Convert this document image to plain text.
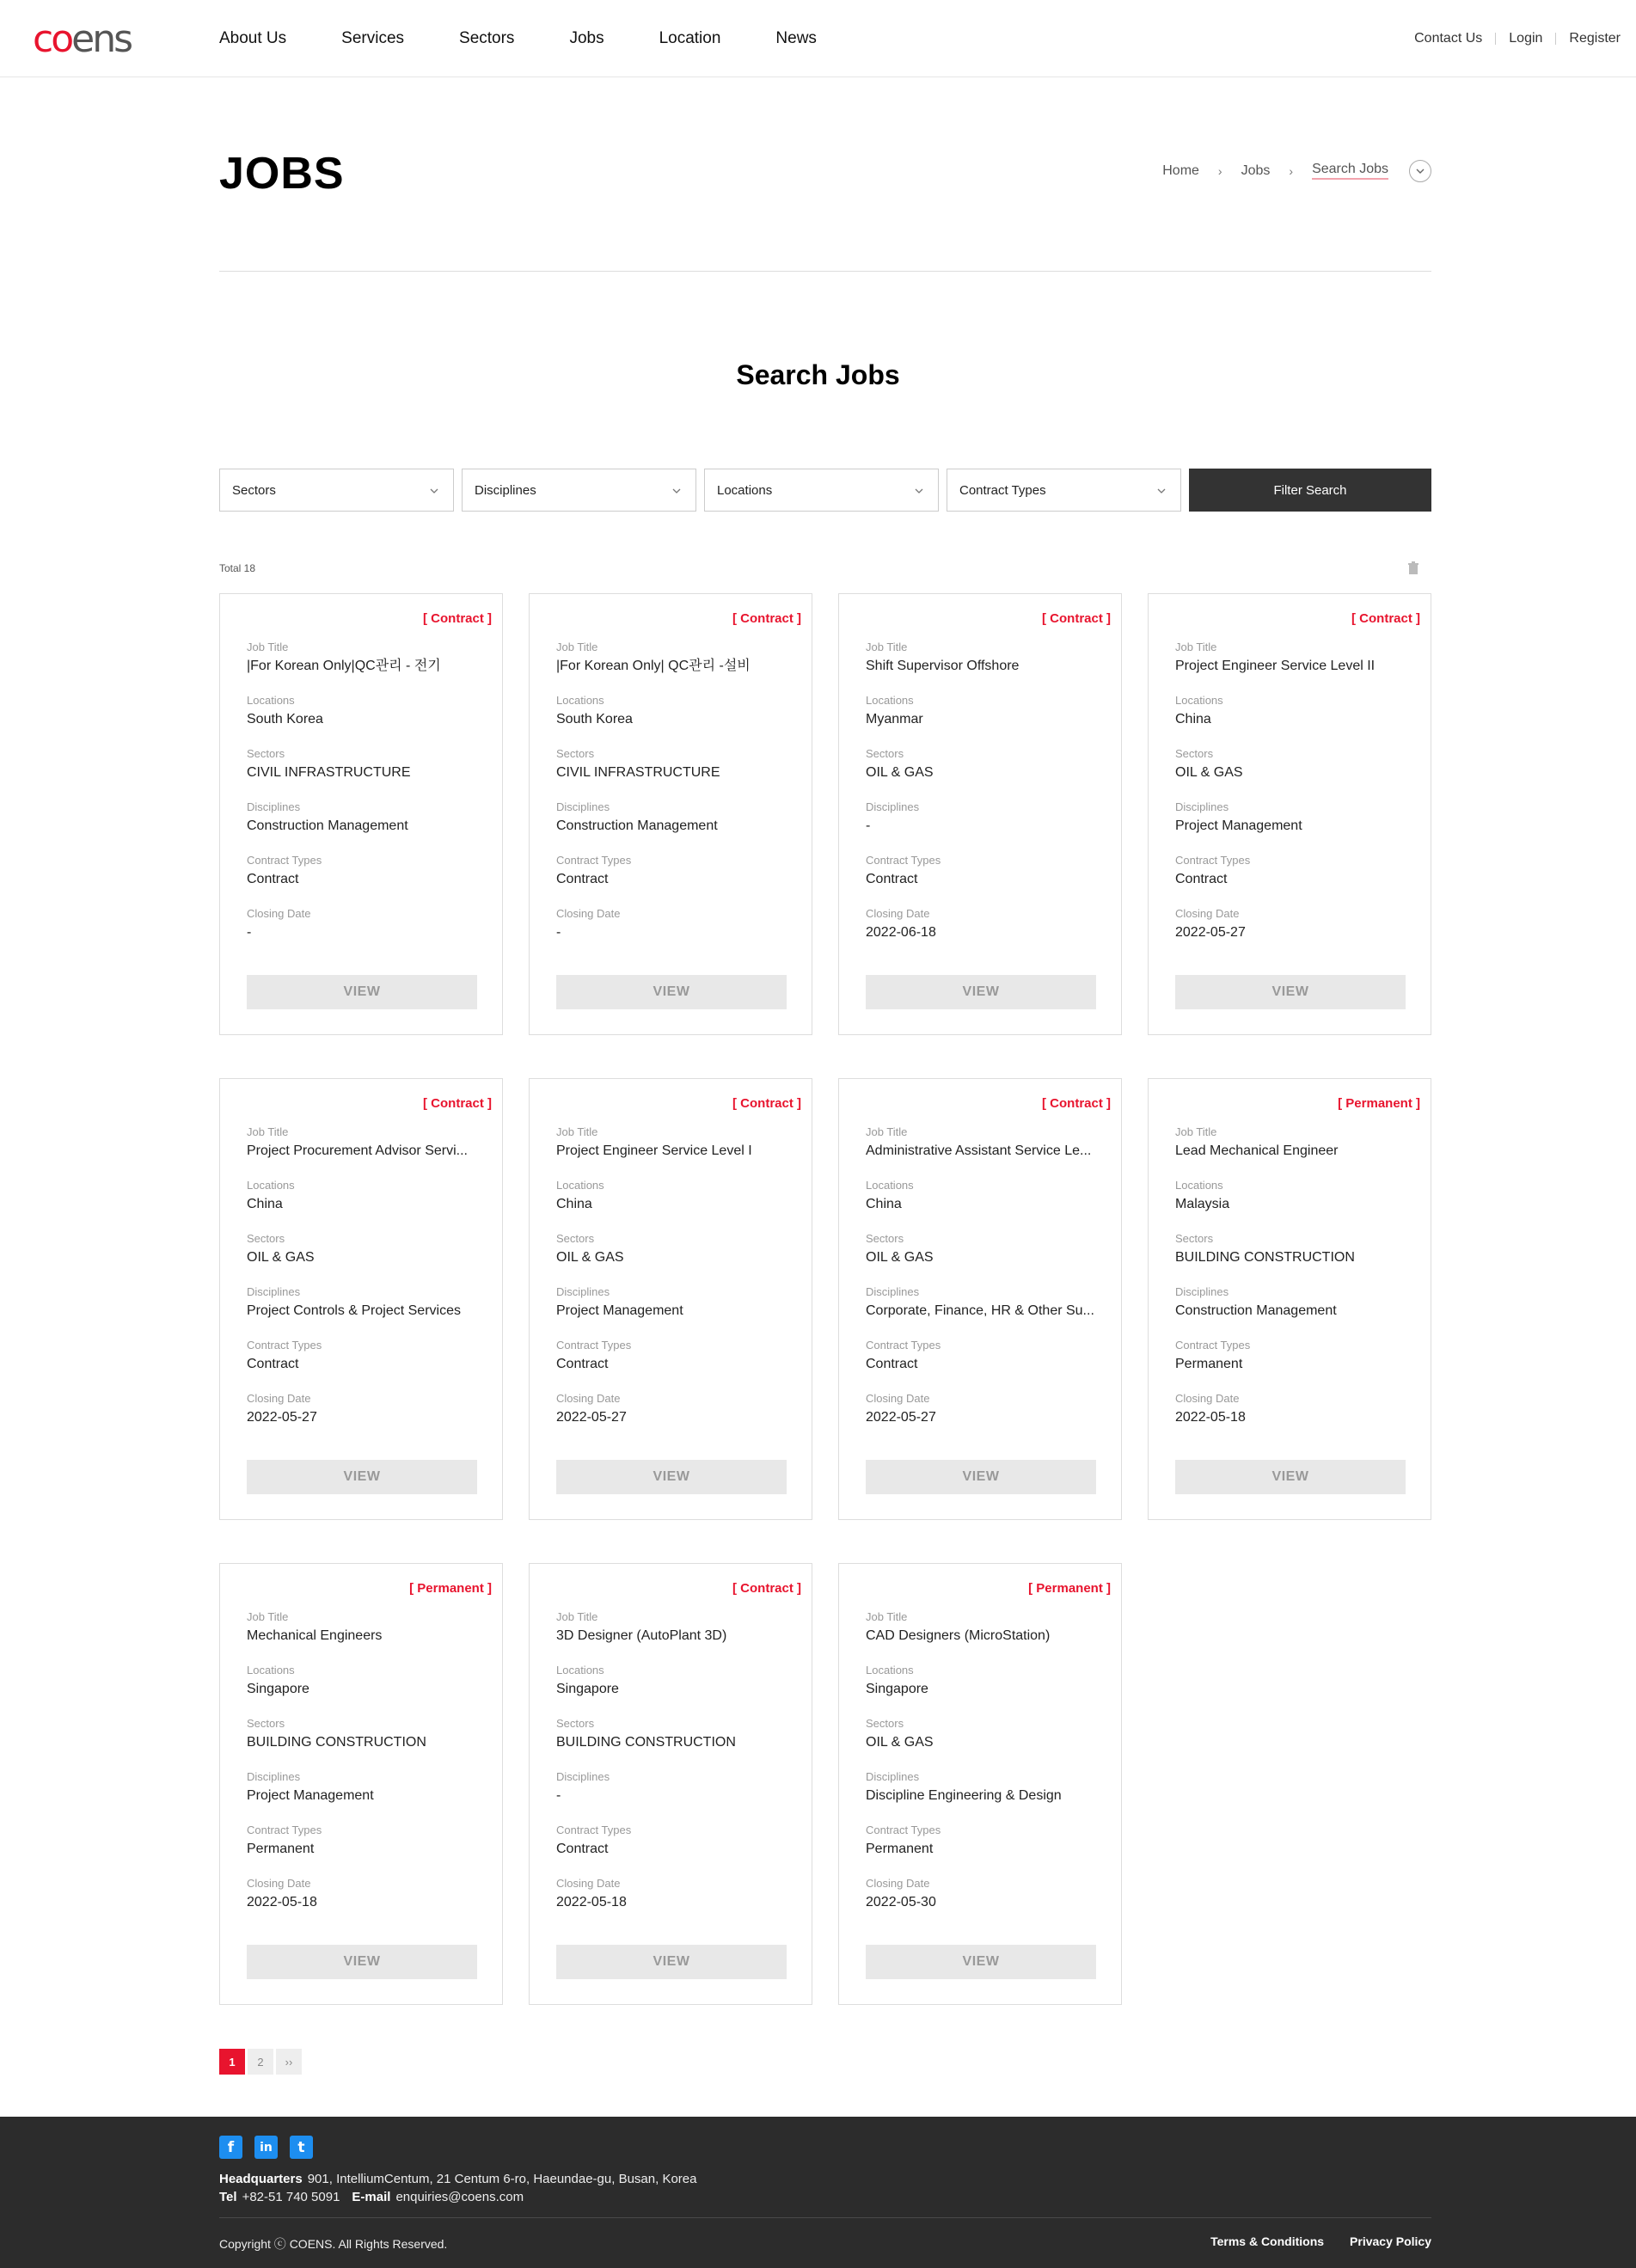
coens	About Us	Services	Sectors	Jobs	Location	News	Contact Us	Login	Register
JOBS	Home › Jobs › Search Jobs
Search Jobs
Sectors	Disciplines	Locations	Contract Types	Filter Search
Total 18
[ Contract ]
Job Title
|For Korean Only|QC관리 - 전기
Locations
South Korea
Sectors
CIVIL INFRASTRUCTURE
Disciplines
Construction Management
Contract Types
Contract
Closing Date
-
VIEW
[ Contract ]
Job Title
|For Korean Only| QC관리 -설비
Locations
South Korea
Sectors
CIVIL INFRASTRUCTURE
Disciplines
Construction Management
Contract Types
Contract
Closing Date
-
VIEW
[ Contract ]
Job Title
Shift Supervisor Offshore
Locations
Myanmar
Sectors
OIL & GAS
Disciplines
-
Contract Types
Contract
Closing Date
2022-06-18
VIEW
[ Contract ]
Job Title
Project Engineer Service Level II
Locations
China
Sectors
OIL & GAS
Disciplines
Project Management
Contract Types
Contract
Closing Date
2022-05-27
VIEW
[ Contract ]
Job Title
Project Procurement Advisor Servi...
Locations
China
Sectors
OIL & GAS
Disciplines
Project Controls & Project Services
Contract Types
Contract
Closing Date
2022-05-27
VIEW
[ Contract ]
Job Title
Project Engineer Service Level I
Locations
China
Sectors
OIL & GAS
Disciplines
Project Management
Contract Types
Contract
Closing Date
2022-05-27
VIEW
[ Contract ]
Job Title
Administrative Assistant Service Le...
Locations
China
Sectors
OIL & GAS
Disciplines
Corporate, Finance, HR & Other Su...
Contract Types
Contract
Closing Date
2022-05-27
VIEW
[ Permanent ]
Job Title
Lead Mechanical Engineer
Locations
Malaysia
Sectors
BUILDING CONSTRUCTION
Disciplines
Construction Management
Contract Types
Permanent
Closing Date
2022-05-18
VIEW
[ Permanent ]
Job Title
Mechanical Engineers
Locations
Singapore
Sectors
BUILDING CONSTRUCTION
Disciplines
Project Management
Contract Types
Permanent
Closing Date
2022-05-18
VIEW
[ Contract ]
Job Title
3D Designer (AutoPlant 3D)
Locations
Singapore
Sectors
BUILDING CONSTRUCTION
Disciplines
-
Contract Types
Contract
Closing Date
2022-05-18
VIEW
[ Permanent ]
Job Title
CAD Designers (MicroStation)
Locations
Singapore
Sectors
OIL & GAS
Disciplines
Discipline Engineering & Design
Contract Types
Permanent
Closing Date
2022-05-30
VIEW
1	2	››
f	in	t
Headquarters 901, IntelliumCentum, 21 Centum 6-ro, Haeundae-gu, Busan, Korea
Tel +82-51 740 5091 E-mail enquiries@coens.com
Copyright ⓒ COENS. All Rights Reserved.	Terms & Conditions Privacy Policy
